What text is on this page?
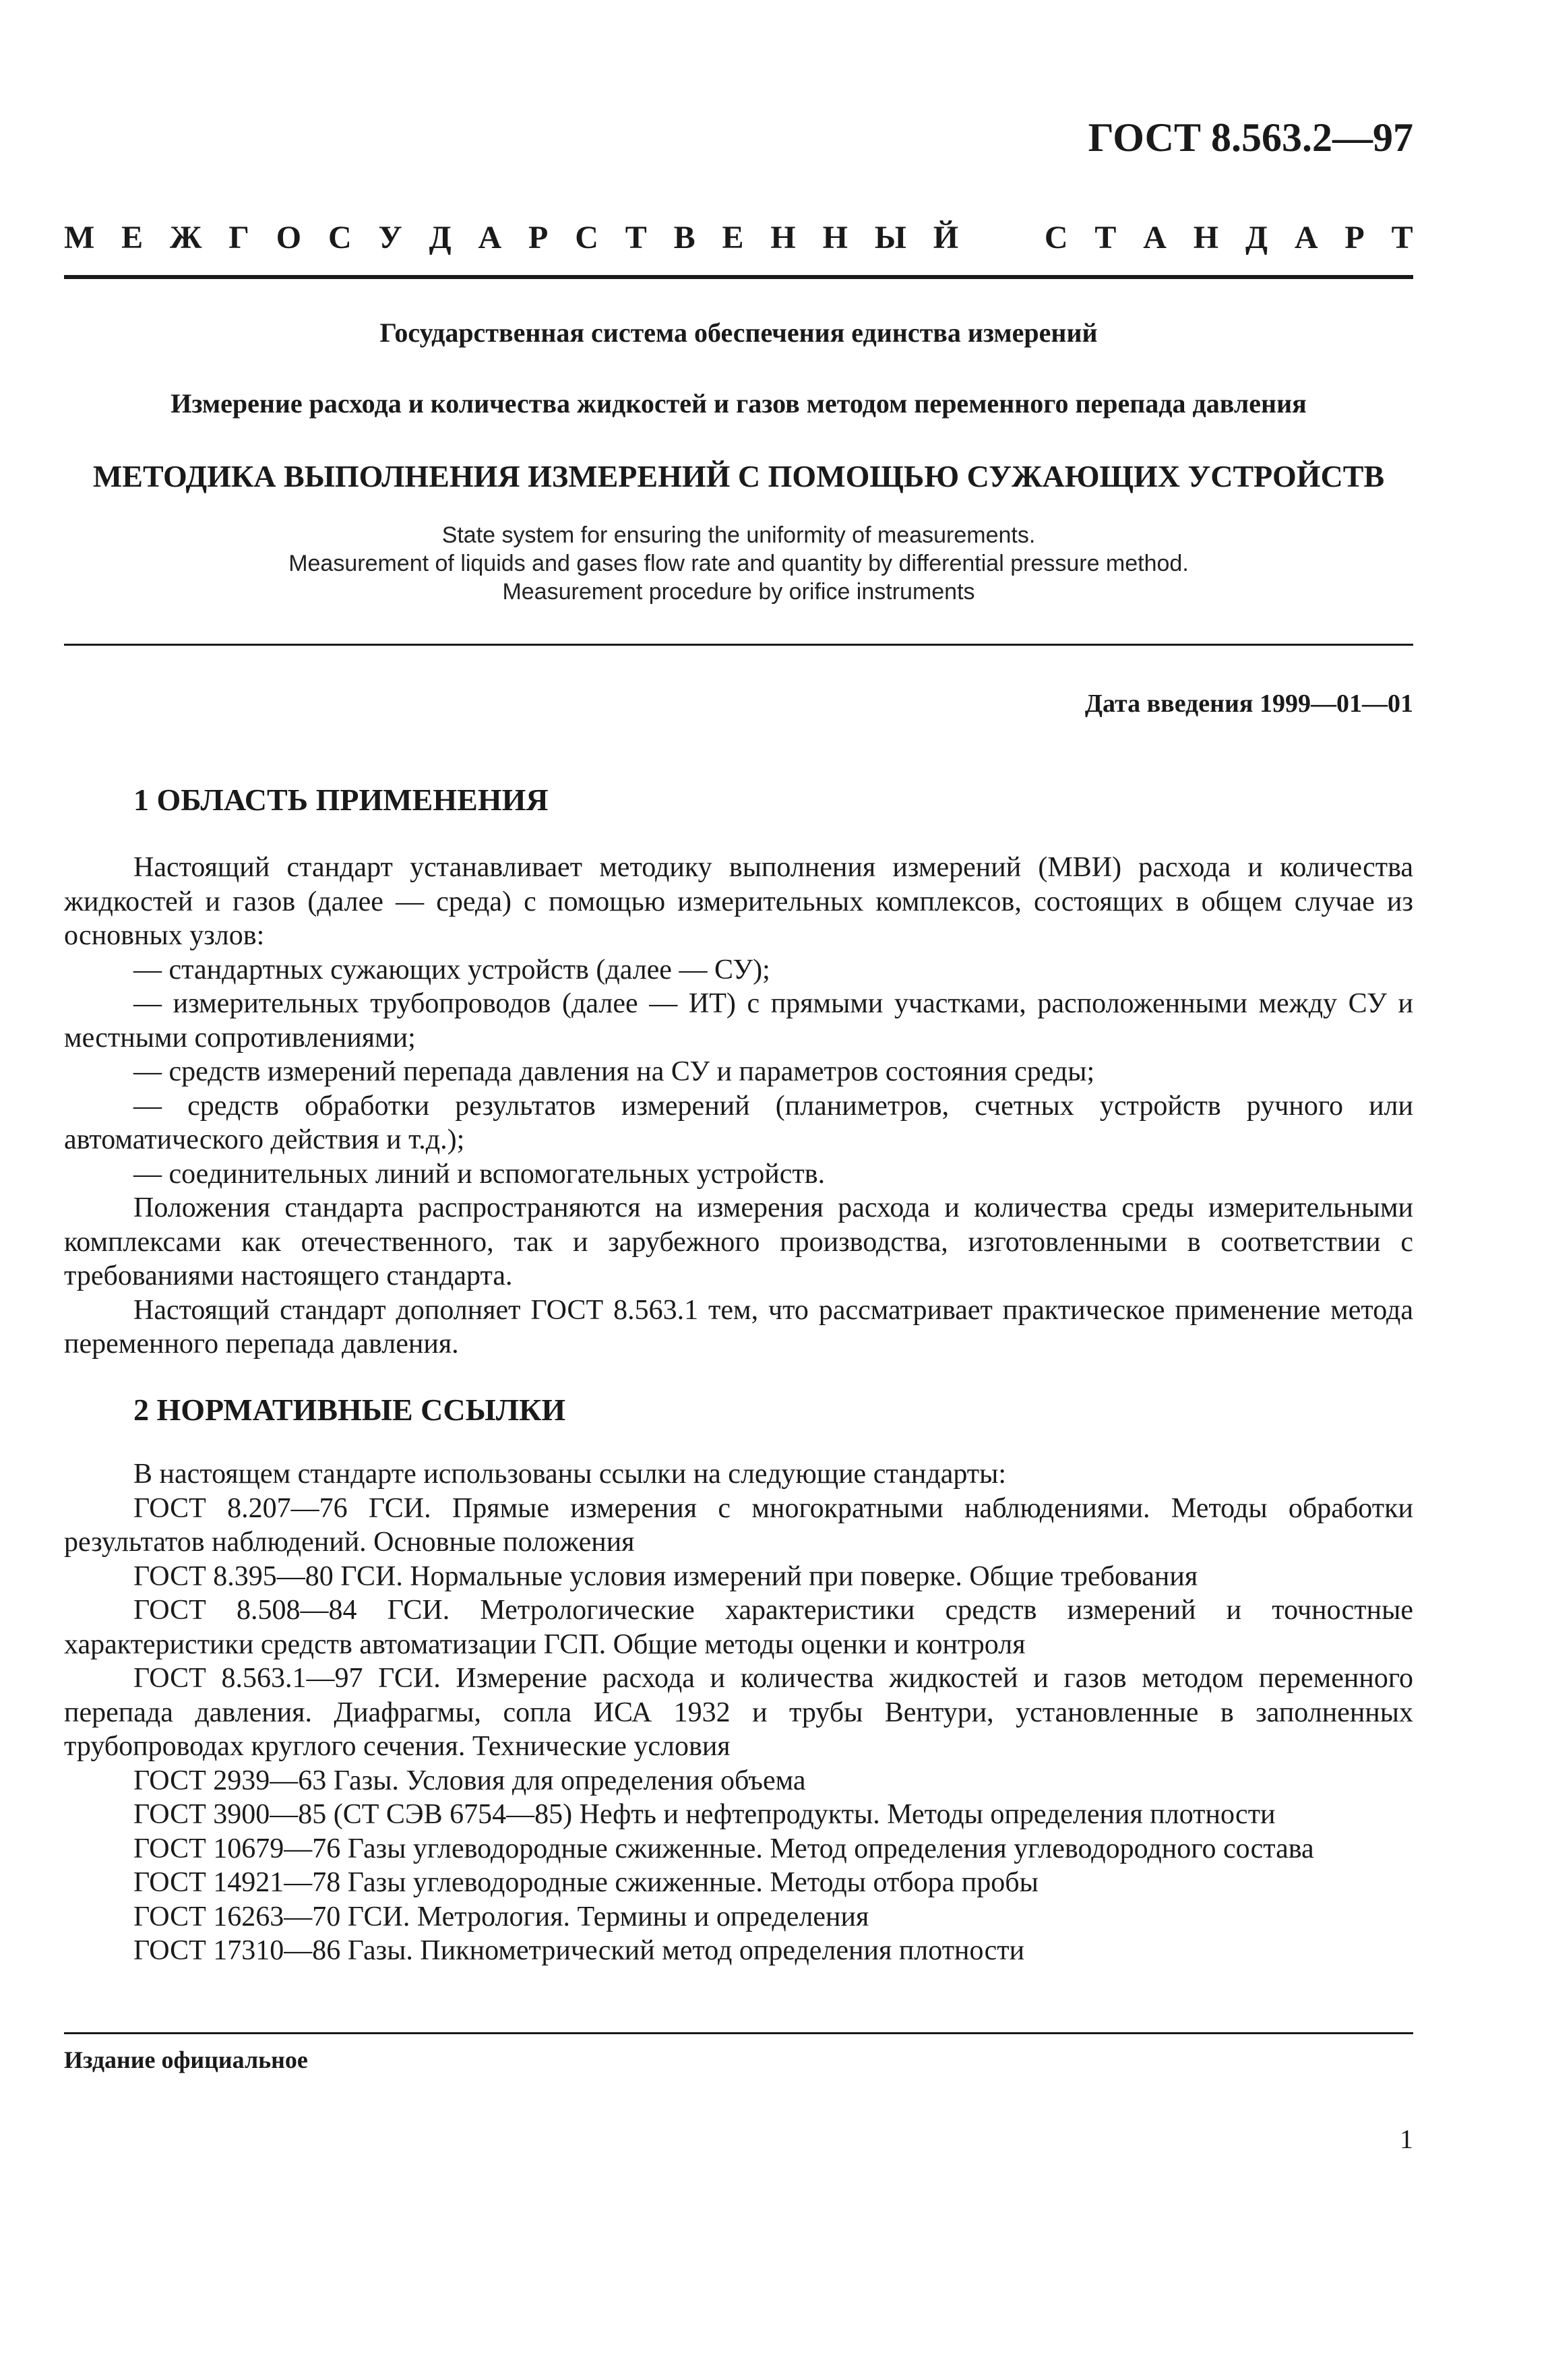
ГОСТ 8.563.2—97
М Е Ж Г О С У Д А Р С Т В Е Н Н Ы Й	С Т А Н Д А Р Т
Государственная система обеспечения единства измерений
Измерение расхода и количества жидкостей и газов методом переменного перепада давления
МЕТОДИКА ВЫПОЛНЕНИЯ ИЗМЕРЕНИЙ С ПОМОЩЬЮ СУЖАЮЩИХ УСТРОЙСТВ
State system for ensuring the uniformity of measurements.
Measurement of liquids and gases flow rate and quantity by differential pressure method.
Measurement procedure by orifice instruments
Дата введения 1999—01—01
1 ОБЛАСТЬ ПРИМЕНЕНИЯ

Настоящий стандарт устанавливает методику выполнения измерений (МВИ) расхода и количества жидкостей и газов (далее — среда) с помощью измерительных комплексов, состоящих в общем случае из основных узлов:

— стандартных сужающих устройств (далее — СУ);

— измерительных трубопроводов (далее — ИТ) с прямыми участками, расположенными между СУ и местными сопротивлениями;

— средств измерений перепада давления на СУ и параметров состояния среды;

— средств обработки результатов измерений (планиметров, счетных устройств ручного или автоматического действия и т.д.);

— соединительных линий и вспомогательных устройств.

Положения стандарта распространяются на измерения расхода и количества среды измерительными комплексами как отечественного, так и зарубежного производства, изготовленными в соответствии с требованиями настоящего стандарта.

Настоящий стандарт дополняет ГОСТ 8.563.1 тем, что рассматривает практическое применение метода переменного перепада давления.

2 НОРМАТИВНЫЕ ССЫЛКИ

В настоящем стандарте использованы ссылки на следующие стандарты:

ГОСТ 8.207—76 ГСИ. Прямые измерения с многократными наблюдениями. Методы обработки результатов наблюдений. Основные положения

ГОСТ 8.395—80 ГСИ. Нормальные условия измерений при поверке. Общие требования

ГОСТ 8.508—84 ГСИ. Метрологические характеристики средств измерений и точностные характеристики средств автоматизации ГСП. Общие методы оценки и контроля

ГОСТ 8.563.1—97 ГСИ. Измерение расхода и количества жидкостей и газов методом переменного перепада давления. Диафрагмы, сопла ИСА 1932 и трубы Вентури, установленные в заполненных трубопроводах круглого сечения. Технические условия

ГОСТ 2939—63 Газы. Условия для определения объема

ГОСТ 3900—85 (СТ СЭВ 6754—85) Нефть и нефтепродукты. Методы определения плотности

ГОСТ 10679—76 Газы углеводородные сжиженные. Метод определения углеводородного состава

ГОСТ 14921—78 Газы углеводородные сжиженные. Методы отбора пробы

ГОСТ 16263—70 ГСИ. Метрология. Термины и определения

ГОСТ 17310—86 Газы. Пикнометрический метод определения плотности

Издание официальное
1
